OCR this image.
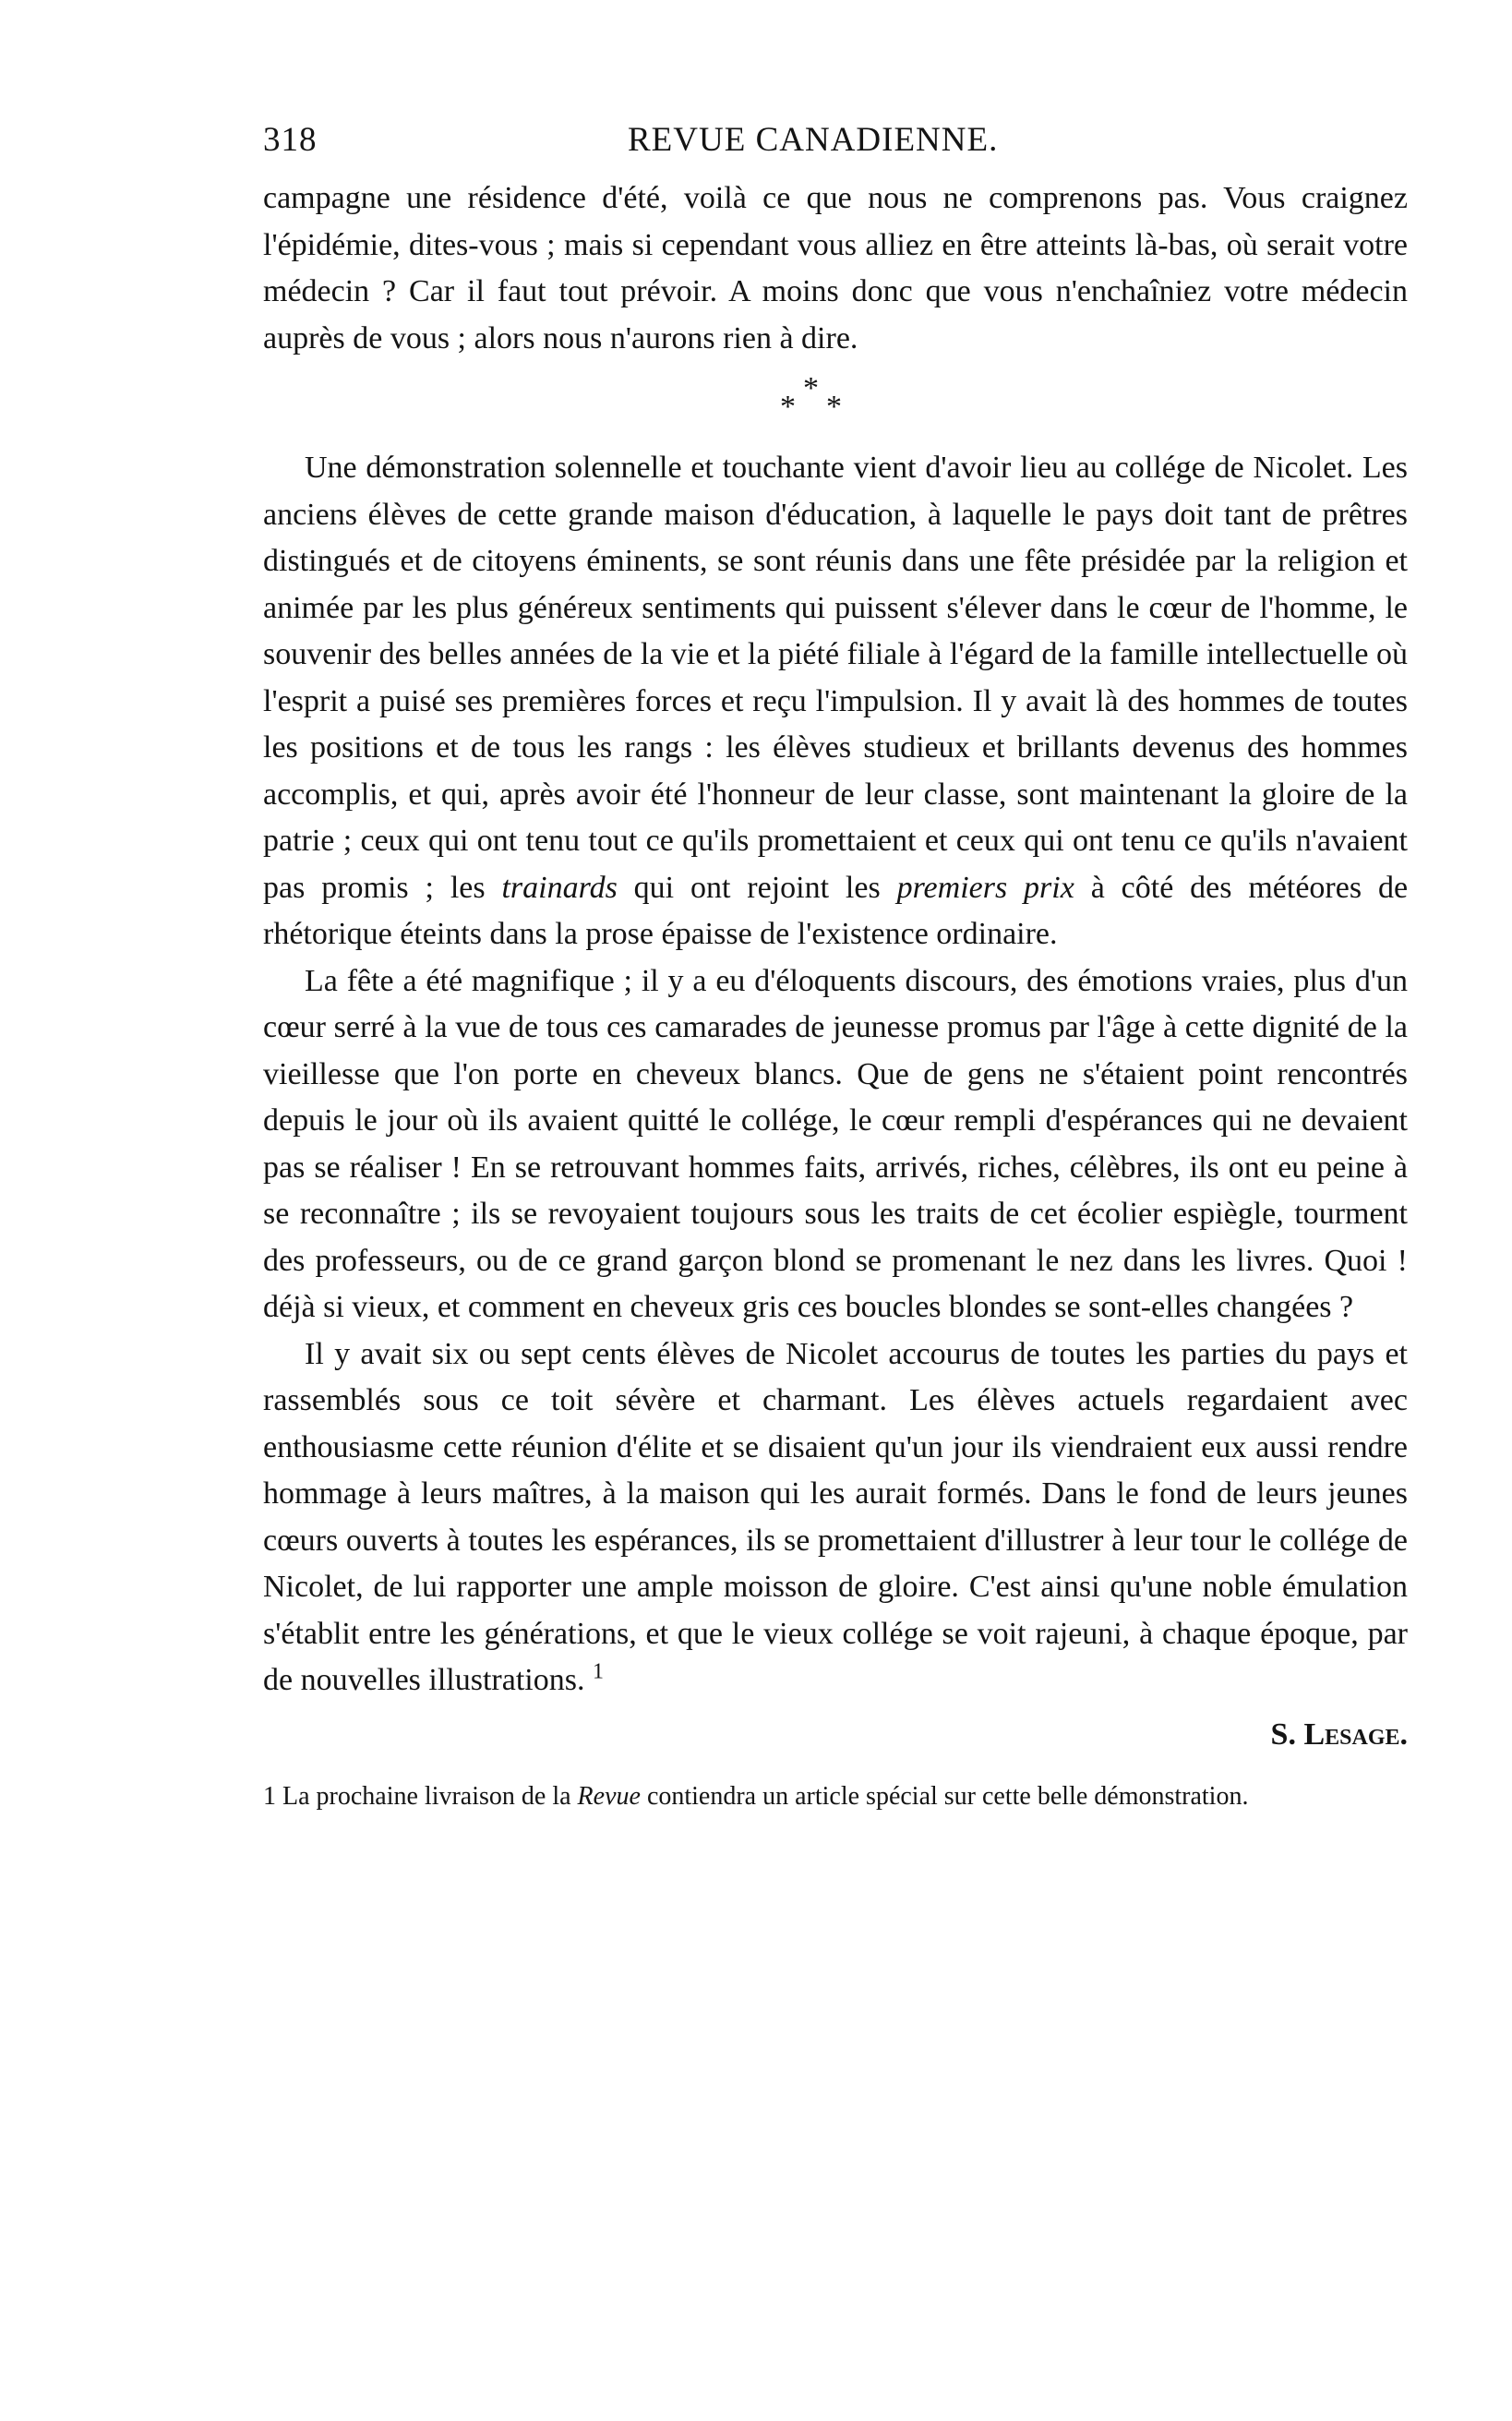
318	REVUE CANADIENNE.

campagne une résidence d'été, voilà ce que nous ne comprenons pas. Vous craignez l'épidémie, dites-vous ; mais si cependant vous alliez en être atteints là-bas, où serait votre médecin ? Car il faut tout prévoir. A moins donc que vous n'enchaîniez votre médecin auprès de vous ; alors nous n'aurons rien à dire.

*
* *

Une démonstration solennelle et touchante vient d'avoir lieu au collége de Nicolet. Les anciens élèves de cette grande maison d'éducation, à laquelle le pays doit tant de prêtres distingués et de citoyens éminents, se sont réunis dans une fête présidée par la religion et animée par les plus généreux sentiments qui puissent s'élever dans le cœur de l'homme, le souvenir des belles années de la vie et la piété filiale à l'égard de la famille intellectuelle où l'esprit a puisé ses premières forces et reçu l'impulsion. Il y avait là des hommes de toutes les positions et de tous les rangs : les élèves studieux et brillants devenus des hommes accomplis, et qui, après avoir été l'honneur de leur classe, sont maintenant la gloire de la patrie ; ceux qui ont tenu tout ce qu'ils promettaient et ceux qui ont tenu ce qu'ils n'avaient pas promis ; les trainards qui ont rejoint les premiers prix à côté des météores de rhétorique éteints dans la prose épaisse de l'existence ordinaire.

La fête a été magnifique ; il y a eu d'éloquents discours, des émotions vraies, plus d'un cœur serré à la vue de tous ces camarades de jeunesse promus par l'âge à cette dignité de la vieillesse que l'on porte en cheveux blancs. Que de gens ne s'étaient point rencontrés depuis le jour où ils avaient quitté le collége, le cœur rempli d'espérances qui ne devaient pas se réaliser ! En se retrouvant hommes faits, arrivés, riches, célèbres, ils ont eu peine à se reconnaître ; ils se revoyaient toujours sous les traits de cet écolier espiègle, tourment des professeurs, ou de ce grand garçon blond se promenant le nez dans les livres. Quoi ! déjà si vieux, et comment en cheveux gris ces boucles blondes se sont-elles changées ?

Il y avait six ou sept cents élèves de Nicolet accourus de toutes les parties du pays et rassemblés sous ce toit sévère et charmant. Les élèves actuels regardaient avec enthousiasme cette réunion d'élite et se disaient qu'un jour ils viendraient eux aussi rendre hommage à leurs maîtres, à la maison qui les aurait formés. Dans le fond de leurs jeunes cœurs ouverts à toutes les espérances, ils se promettaient d'illustrer à leur tour le collége de Nicolet, de lui rapporter une ample moisson de gloire. C'est ainsi qu'une noble émulation s'établit entre les générations, et que le vieux collége se voit rajeuni, à chaque époque, par de nouvelles illustrations. $^1$

S. Lesage.

1 La prochaine livraison de la Revue contiendra un article spécial sur cette belle démonstration.
